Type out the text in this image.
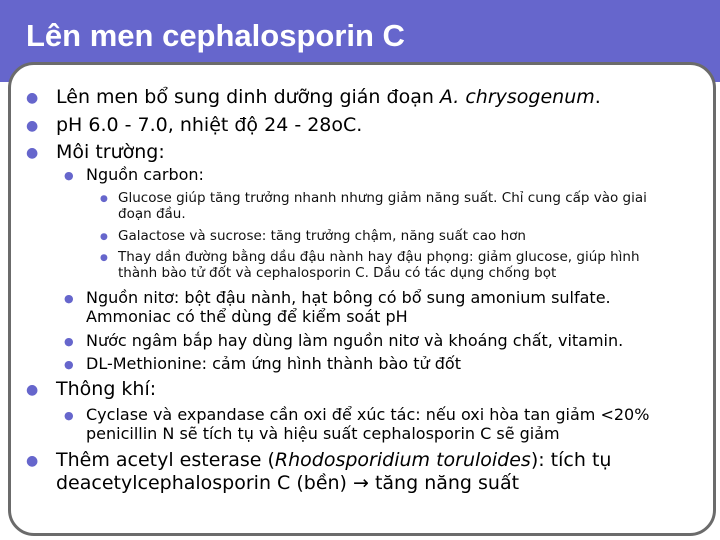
Lên men cephalosporin C
● Lên men bổ sung dinh dưỡng gián đoạn A. chrysogenum.
● pH 6.0 - 7.0, nhiệt độ 24 - 28oC.
● Môi trường:
● Nguồn carbon:
● Glucose giúp tăng trưởng nhanh nhưng giảm năng suất. Chỉ cung cấp vào giai đoạn đầu.
● Galactose và sucrose: tăng trưởng chậm, năng suất cao hơn
● Thay dần đường bằng dầu đậu nành hay đậu phọng: giảm glucose, giúp hình thành bào tử đốt và cephalosporin C. Dầu có tác dụng chống bọt
● Nguồn nitơ: bột đậu nành, hạt bông có bổ sung amonium sulfate. Ammoniac có thể dùng để kiểm soát pH
● Nước ngâm bắp hay dùng làm nguồn nitơ và khoáng chất, vitamin.
● DL-Methionine: cảm ứng hình thành bào tử đốt
● Thông khí:
● Cyclase và expandase cần oxi để xúc tác: nếu oxi hòa tan giảm <20% penicillin N sẽ tích tụ và hiệu suất cephalosporin C sẽ giảm
● Thêm acetyl esterase (Rhodosporidium toruloides): tích tụ deacetylcephalosporin C (bền) → tăng năng suất
